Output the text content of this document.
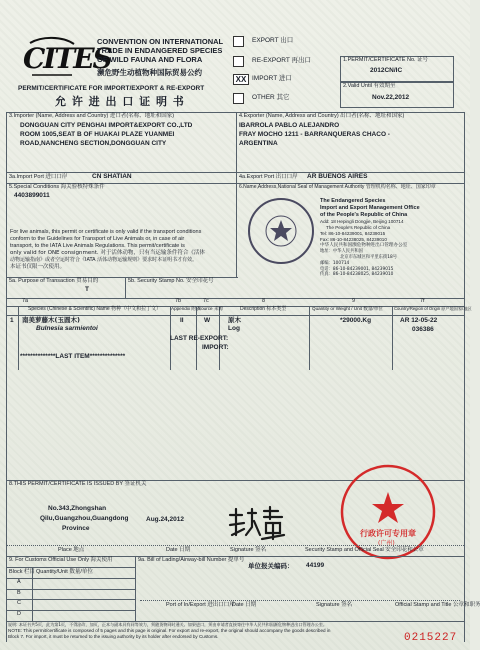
CITES
CONVENTION ON INTERNATIONAL
TRADE IN ENDANGERED SPECIES
OF WILD FAUNA AND FLORA
濒危野生动植物种国际贸易公约
PERMIT/CERTIFICATE FOR IMPORT/EXPORT & RE-EXPORT
允 许 进 出 口 证 明 书
EXPORT 出口
RE-EXPORT 再出口
XX IMPORT 进口
OTHER 其它
1.PERMIT/CERTIFICATE No. 证号
2012CN/IC
2.Valid Until 有效期至
Nov.22,2012
3.Importer (Name, Address and Country) 进口者(名称、地址和国家)
DONGGUAN CITY PENGHAI IMPORT&EXPORT CO.,LTD
ROOM 1005,SEAT B OF HUAKAI PLAZE YUANMEI
ROAD,NANCHENG SECTION,DONGGUAN CITY
4.Exporter (Name, Address and Country) 出口者(名称、地址和国家)
IBARROLA PABLO ALEJANDRO
FRAY MOCHO 1211 - BARRANQUERAS CHACO -
ARGENTINA
3a.Import Port 进口口岸	CN SHATIAN	4a.Export Port 出口口岸 AR BUENOS AIRES
5.Special Conditions 海关验核特殊条件
4403899011
For live animals, this permit or certificate is only valid if the transport conditions
conform to the Guidelines for Transport of Live Animals or, in case of air
transport, to the IATA Live Animals Regulations. This permit/certificate is
only valid for ONE consignment. 对于活体动物，只有当运输条件符合《活体
动物运输指南》或者空运时符合《IATA 活体动物运输规则》要求时本证明书才有效。
本证书仅限一次使用。
6.Name,Address,National Seal of Management Authority 管理机构名称、地址、国家印章
The Endangered Species
Import and Export Management Office
of the People's Republic of China
Add: 18 Hepingli Dongjie, Beijing 100714
The People's Republic of China
Tel: 86-10-84239001, 84239015
Fax: 86-10-84238025, 84239010
中华人民共和国濒危物种进出口管理办公室
地址：中华人民共和国
北京市东城区和平里东街18号
邮编：100714
电话：86-10-84239001, 84239015
传真：86-10-84238025, 84239010
5a. Purpose of Transaction 贸易目的
T
5b. Security Stamp No. 安全印花号
7a	7b	7c	8	9	7f
Species (Chinese & Scientific) Name 物种（中文和拉丁文） Appendix 附表
Source 来源	Description 标本类型	Quantity or Weight / Unit 数量/单位	Country/Region of Origin 原产地国家/地区
1 南美萝藤木(玉圆木)
Bulnesia sarmientoi
II	W	原木
Log
*29000.Kg	AR 12-05-22
036386
LAST RE-EXPORT:
IMPORT:
**************LAST ITEM**************
8.THIS PERMIT/CERTIFICATE IS ISSUED BY 签证机关
No.343,Zhongshan
Qilu,Guangzhou,Guangdong
Province
Aug.24,2012
行政许可专用章
(广州)
Place 地点	Date 日期	Signature 签名	Security Stamp and Official Seal 安全印花和公章
9. For Customs Official Use Only 海关使用	9a. Bill of Lading/Airway-bill Number 提单号
单位报关编码： 44199
Block 栏目 Quantity/Unit 数量/单位
A
B
C
D
Port of In/Export 进出口口岸
Date 日期	Signature 签名	Official Stamp and Title 公章和职务
说明: 本证书共5页，此为第1页，不得涂改、加页，正本与副本具有同等效力，须随货物同时通关。如果进口，须由申请者直接寄往中华人民共和国濒危物种进出口管理办公室。
NOTE: This permit/certificate is composed of 5 pages and this page is original. For export and re-export, the original should accompany the goods described in
Block 7. For import, it must be returned to the issuing authority by its holder after endorsed by Customs.	0215227
